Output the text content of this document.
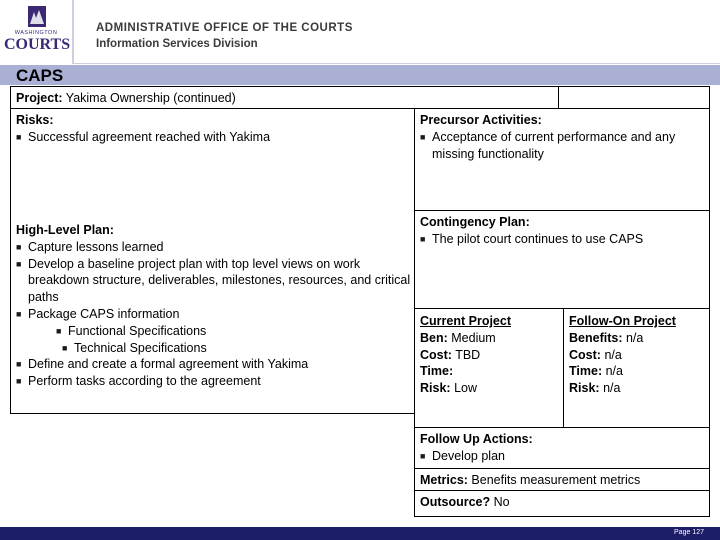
WASHINGTON
COURTS
ADMINISTRATIVE OFFICE OF THE COURTS
Information Services Division
CAPS
Project: Yakima Ownership (continued)
Risks:
■ Successful agreement reached with Yakima
High-Level Plan:
■ Capture lessons learned
■ Develop a baseline project plan with top level views on work breakdown structure, deliverables, milestones, resources, and critical paths
■ Package CAPS information
■ Functional Specifications
■ Technical Specifications
■ Define and create a formal agreement with Yakima
■ Perform tasks according to the agreement
Precursor Activities:
■ Acceptance of current performance and any missing functionality
Contingency Plan:
■ The pilot court continues to use CAPS
Current Project
Ben: Medium
Cost: TBD
Time:
Risk: Low
Follow-On Project
Benefits: n/a
Cost: n/a
Time: n/a
Risk: n/a
Follow Up Actions:
■ Develop plan
Metrics: Benefits measurement metrics
Outsource? No
Page 127
